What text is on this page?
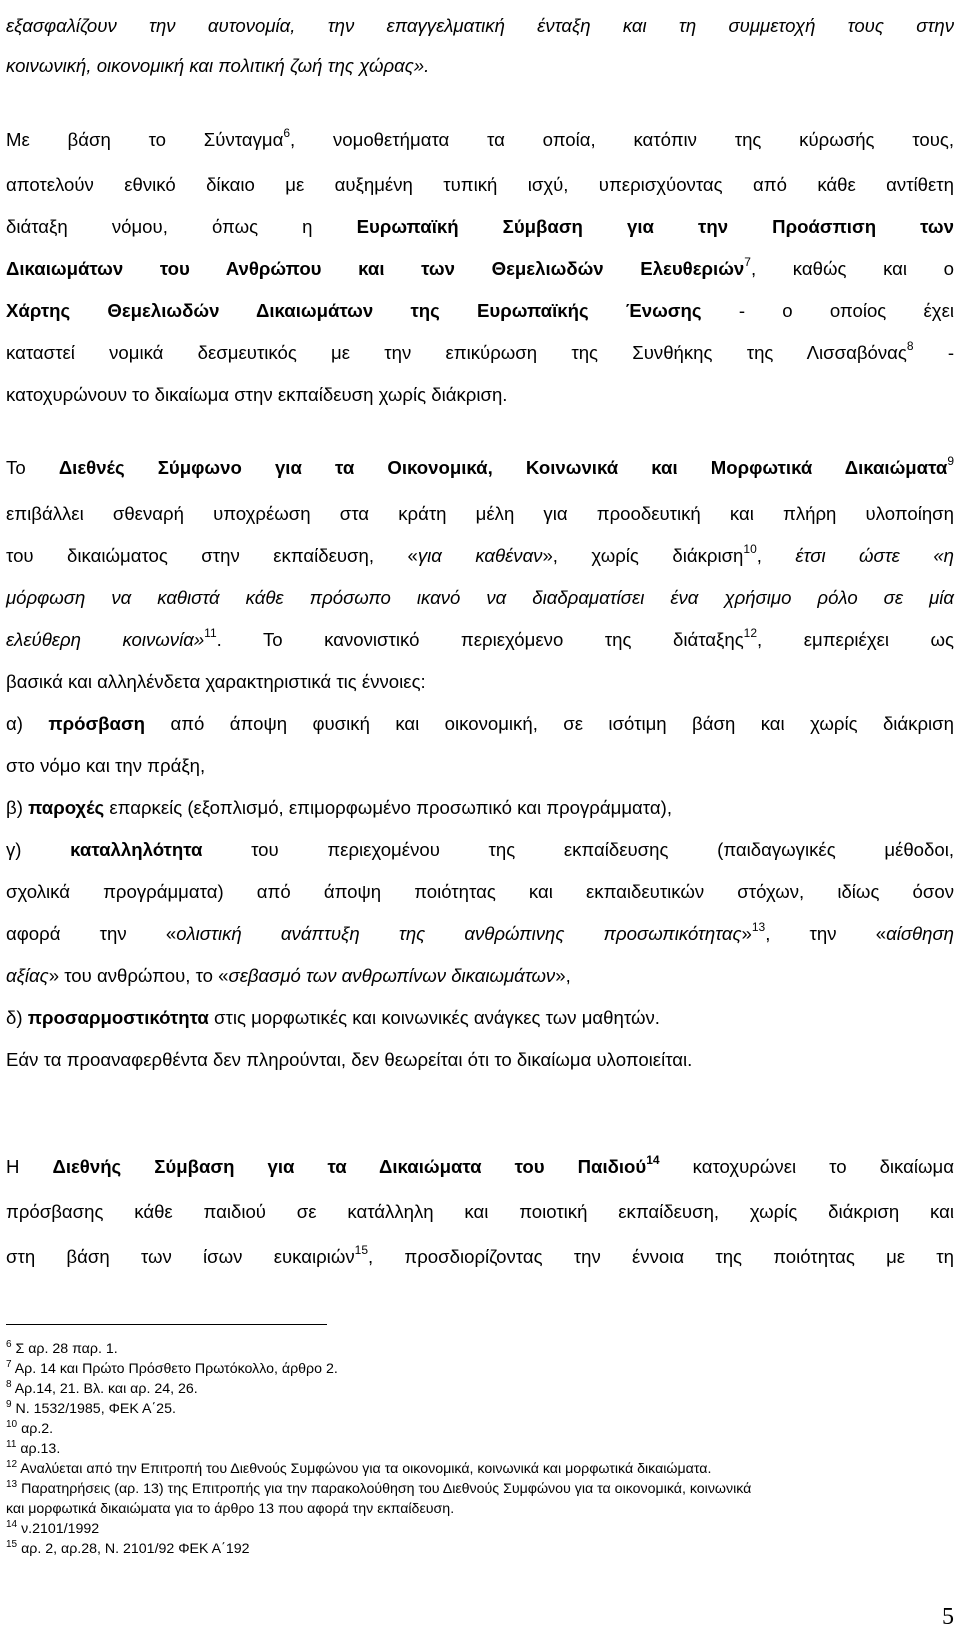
εξασφαλίζουν την αυτονομία, την επαγγελματική ένταξη και τη συμμετοχή τους στην
κοινωνική, οικονομική και πολιτική ζωή της χώρας».
Με βάση το Σύνταγμα$^6$, νομοθετήματα τα οποία, κατόπιν της κύρωσής τους,
αποτελούν εθνικό δίκαιο με αυξημένη τυπική ισχύ, υπερισχύοντας από κάθε αντίθετη
διάταξη νόμου, όπως η Ευρωπαϊκή Σύμβαση για την Προάσπιση των
Δικαιωμάτων του Ανθρώπου και των Θεμελιωδών Ελευθεριών$^7$, καθώς και ο
Χάρτης Θεμελιωδών Δικαιωμάτων της Ευρωπαϊκής Ένωσης - ο οποίος έχει
καταστεί νομικά δεσμευτικός με την επικύρωση της Συνθήκης της Λισσαβόνας$^8$ -
κατοχυρώνουν το δικαίωμα στην εκπαίδευση χωρίς διάκριση.
Το Διεθνές Σύμφωνο για τα Οικονομικά, Κοινωνικά και Μορφωτικά Δικαιώματα$^9$
επιβάλλει σθεναρή υποχρέωση στα κράτη μέλη για προοδευτική και πλήρη υλοποίηση
του δικαιώματος στην εκπαίδευση, «για καθέναν», χωρίς διάκριση$^{10}$, έτσι ώστε «η
μόρφωση να καθιστά κάθε πρόσωπο ικανό να διαδραματίσει ένα χρήσιμο ρόλο σε μία
ελεύθερη κοινωνία»$^{11}$. Το κανονιστικό περιεχόμενο της διάταξης$^{12}$, εμπεριέχει ως
βασικά και αλληλένδετα χαρακτηριστικά τις έννοιες:
α) πρόσβαση από άποψη φυσική και οικονομική, σε ισότιμη βάση και χωρίς διάκριση
στο νόμο και την πράξη,
β) παροχές επαρκείς (εξοπλισμό, επιμορφωμένο προσωπικό και προγράμματα),
γ) καταλληλότητα του περιεχομένου της εκπαίδευσης (παιδαγωγικές μέθοδοι,
σχολικά προγράμματα) από άποψη ποιότητας και εκπαιδευτικών στόχων, ιδίως όσον
αφορά την «ολιστική ανάπτυξη της ανθρώπινης προσωπικότητας»$^{13}$, την «αίσθηση
αξίας» του ανθρώπου, το «σεβασμό των ανθρωπίνων δικαιωμάτων»,
δ) προσαρμοστικότητα στις μορφωτικές και κοινωνικές ανάγκες των μαθητών.
Εάν τα προαναφερθέντα δεν πληρούνται, δεν θεωρείται ότι το δικαίωμα υλοποιείται.
Η Διεθνής Σύμβαση για τα Δικαιώματα του Παιδιού$^{14}$ κατοχυρώνει το δικαίωμα
πρόσβασης κάθε παιδιού σε κατάλληλη και ποιοτική εκπαίδευση, χωρίς διάκριση και
στη βάση των ίσων ευκαιριών$^{15}$, προσδιορίζοντας την έννοια της ποιότητας με τη
$^6$ Σ αρ. 28 παρ. 1.
$^7$ Αρ. 14 και Πρώτο Πρόσθετο Πρωτόκολλο, άρθρο 2.
$^8$ Αρ.14, 21. Βλ. και αρ. 24, 26.
$^9$ Ν. 1532/1985, ΦΕΚ Α΄25.
$^{10}$ αρ.2.
$^{11}$ αρ.13.
$^{12}$ Αναλύεται από την Επιτροπή του Διεθνούς Συμφώνου για τα οικονομικά, κοινωνικά και μορφωτικά δικαιώματα.
$^{13}$ Παρατηρήσεις (αρ. 13) της Επιτροπής για την παρακολούθηση του Διεθνούς Συμφώνου για τα οικονομικά, κοινωνικά
και μορφωτικά δικαιώματα για το άρθρο 13 που αφορά την εκπαίδευση.
$^{14}$ ν.2101/1992
$^{15}$ αρ. 2, αρ.28, Ν. 2101/92 ΦΕΚ Α΄192
5
